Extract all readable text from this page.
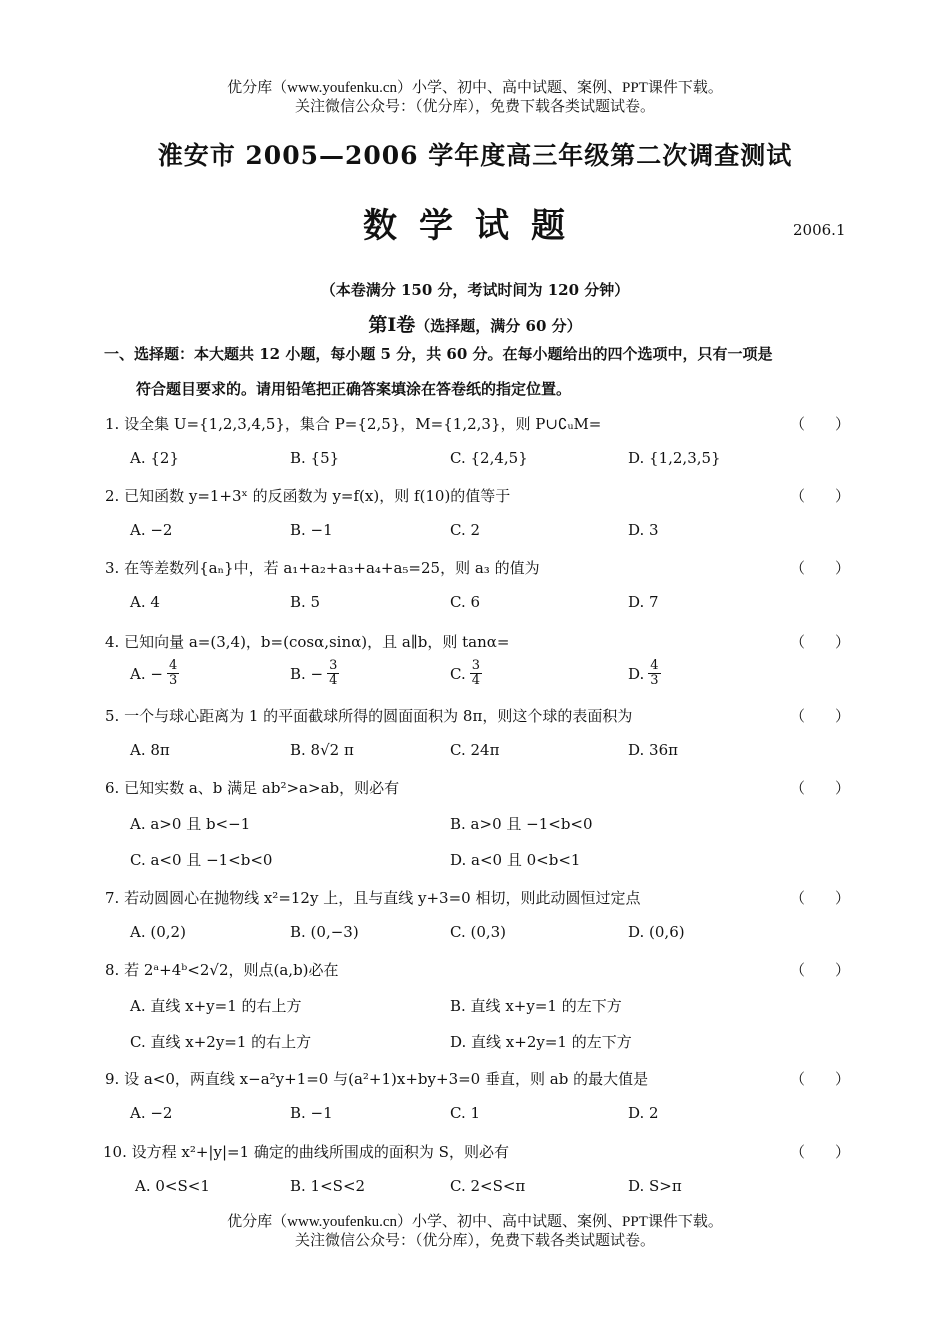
优分库（www.youfenku.cn）小学、初中、高中试题、案例、PPT课件下载。
关注微信公众号：（优分库），免费下载各类试题试卷。
淮安市 2005—2006 学年度高三年级第二次调查测试
数学试题	2006.1
（本卷满分 150 分，考试时间为 120 分钟）
第Ⅰ卷（选择题，满分 60 分）
一、选择题：本大题共 12 小题，每小题 5 分，共 60 分。在每小题给出的四个选项中，只有一项是
符合题目要求的。请用铅笔把正确答案填涂在答卷纸的指定位置。
1. 设全集 U={1,2,3,4,5}，集合 P={2,5}，M={1,2,3}，则 P∪∁ᵤM=	（　　）
A. {2}	B. {5}	C. {2,4,5}	D. {1,2,3,5}
2. 已知函数 y=1+3ˣ 的反函数为 y=f(x)，则 f(10)的值等于	（　　）
A. −2	B. −1	C. 2	D. 3
3. 在等差数列{aₙ}中，若 a₁+a₂+a₃+a₄+a₅=25，则 a₃ 的值为	（　　）
A. 4	B. 5	C. 6	D. 7
4. 已知向量 a=(3,4)，b=(cosα,sinα)，且 a∥b，则 tanα=	（　　）
A. − $\frac{4}{3}$	B. − $\frac{3}{4}$	C. $\frac{3}{4}$	D. $\frac{4}{3}$
5. 一个与球心距离为 1 的平面截球所得的圆面面积为 8π，则这个球的表面积为	（　　）
A. 8π	B. 8√2 π	C. 24π	D. 36π
6. 已知实数 a、b 满足 ab²>a>ab，则必有	（　　）
A. a>0 且 b<−1	B. a>0 且 −1<b<0
C. a<0 且 −1<b<0	D. a<0 且 0<b<1
7. 若动圆圆心在抛物线 x²=12y 上，且与直线 y+3=0 相切，则此动圆恒过定点	（　　）
A. (0,2)	B. (0,−3)	C. (0,3)	D. (0,6)
8. 若 2ᵃ+4ᵇ<2√2，则点(a,b)必在	（　　）
A. 直线 x+y=1 的右上方	B. 直线 x+y=1 的左下方
C. 直线 x+2y=1 的右上方	D. 直线 x+2y=1 的左下方
9. 设 a<0，两直线 x−a²y+1=0 与(a²+1)x+by+3=0 垂直，则 ab 的最大值是	（　　）
A. −2	B. −1	C. 1	D. 2
10. 设方程 x²+|y|=1 确定的曲线所围成的面积为 S，则必有	（　　）
A. 0<S<1	B. 1<S<2	C. 2<S<π	D. S>π
优分库（www.youfenku.cn）小学、初中、高中试题、案例、PPT课件下载。
关注微信公众号：（优分库），免费下载各类试题试卷。
